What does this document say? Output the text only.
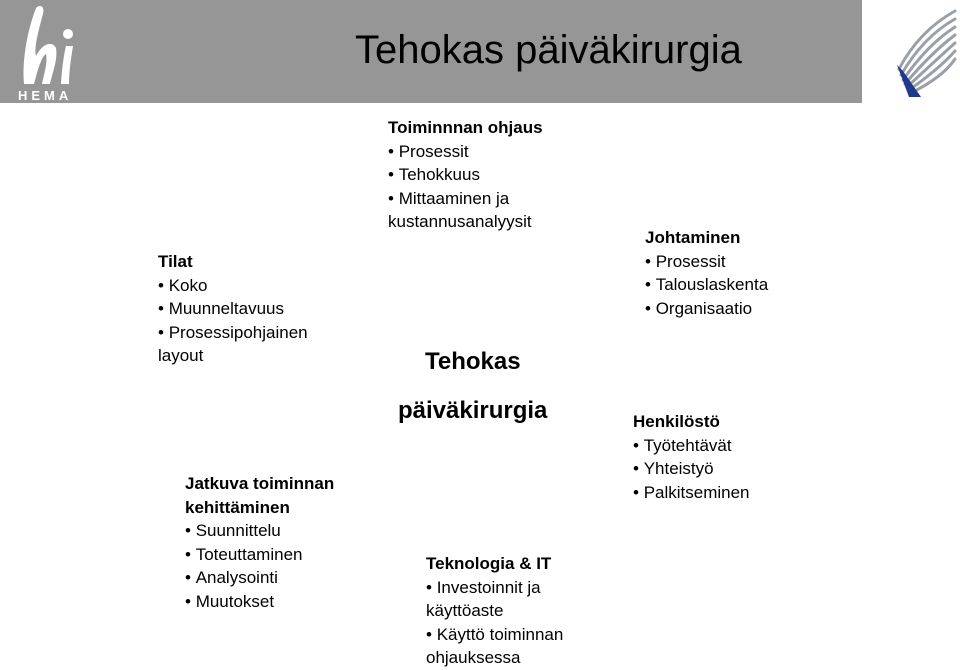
HEMA
Tehokas päiväkirurgia
Tilat
• Koko
• Muunneltavuus
• Prosessipohjainen
layout
Toiminnnan ohjaus
• Prosessit
• Tehokkuus
• Mittaaminen ja
kustannusanalyysit
Johtaminen
• Prosessit
• Talouslaskenta
• Organisaatio
Tehokas
päiväkirurgia
Jatkuva toiminnan
kehittäminen
• Suunnittelu
• Toteuttaminen
• Analysointi
• Muutokset
Henkilöstö
• Työtehtävät
• Yhteistyö
• Palkitseminen
Teknologia & IT
• Investoinnit ja
käyttöaste
• Käyttö toiminnan
ohjauksessa
